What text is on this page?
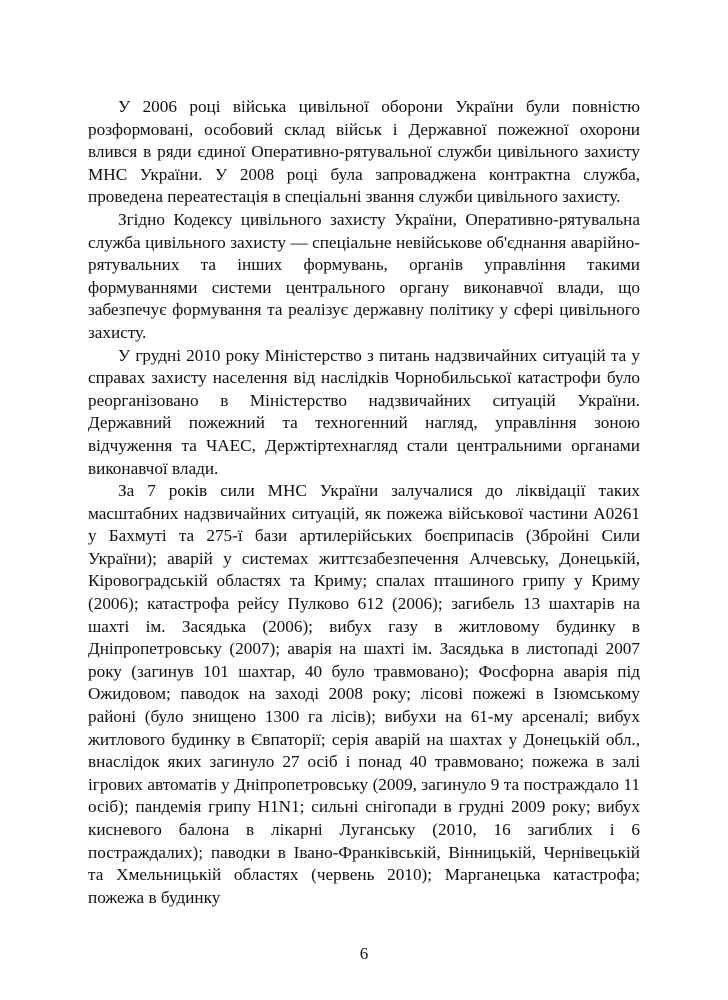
У 2006 році війська цивільної оборони України були повністю розформовані, особовий склад військ і Державної пожежної охорони влився в ряди єдиної Оперативно-рятувальної служби цивільного захисту МНС України. У 2008 році була запроваджена контрактна служба, проведена переатестація в спеціальні звання служби цивільного захисту.

Згідно Кодексу цивільного захисту України, Оперативно-рятувальна служба цивільного захисту — спеціальне невійськове об'єднання аварійно-рятувальних та інших формувань, органів управління такими формуваннями системи центрального органу виконавчої влади, що забезпечує формування та реалізує державну політику у сфері цивільного захисту.

У грудні 2010 року Міністерство з питань надзвичайних ситуацій та у справах захисту населення від наслідків Чорнобильської катастрофи було реорганізовано в Міністерство надзвичайних ситуацій України. Державний пожежний та техногенний нагляд, управління зоною відчуження та ЧАЕС, Держтіртехнагляд стали центральними органами виконавчої влади.

За 7 років сили МНС України залучалися до ліквідації таких масштабних надзвичайних ситуацій, як пожежа військової частини А0261 у Бахмуті та 275-ї бази артилерійських боєприпасів (Збройні Сили України); аварій у системах життєзабезпечення Алчевську, Донецькій, Кіровоградській областях та Криму; спалах пташиного грипу у Криму (2006); катастрофа рейсу Пулково 612 (2006); загибель 13 шахтарів на шахті ім. Засядька (2006); вибух газу в житловому будинку в Дніпропетровську (2007); аварія на шахті ім. Засядька в листопаді 2007 року (загинув 101 шахтар, 40 було травмовано); Фосфорна аварія під Ожидовом; паводок на заході 2008 року; лісові пожежі в Ізюмському районі (було знищено 1300 га лісів); вибухи на 61-му арсеналі; вибух житлового будинку в Євпаторії; серія аварій на шахтах у Донецькій обл., внаслідок яких загинуло 27 осіб і понад 40 травмовано; пожежа в залі ігрових автоматів у Дніпропетровську (2009, загинуло 9 та постраждало 11 осіб); пандемія грипу H1N1; сильні снігопади в грудні 2009 року; вибух кисневого балона в лікарні Луганську (2010, 16 загиблих і 6 постраждалих); паводки в Івано-Франківській, Вінницькій, Чернівецькій та Хмельницькій областях (червень 2010); Марганецька катастрофа; пожежа в будинку

6
